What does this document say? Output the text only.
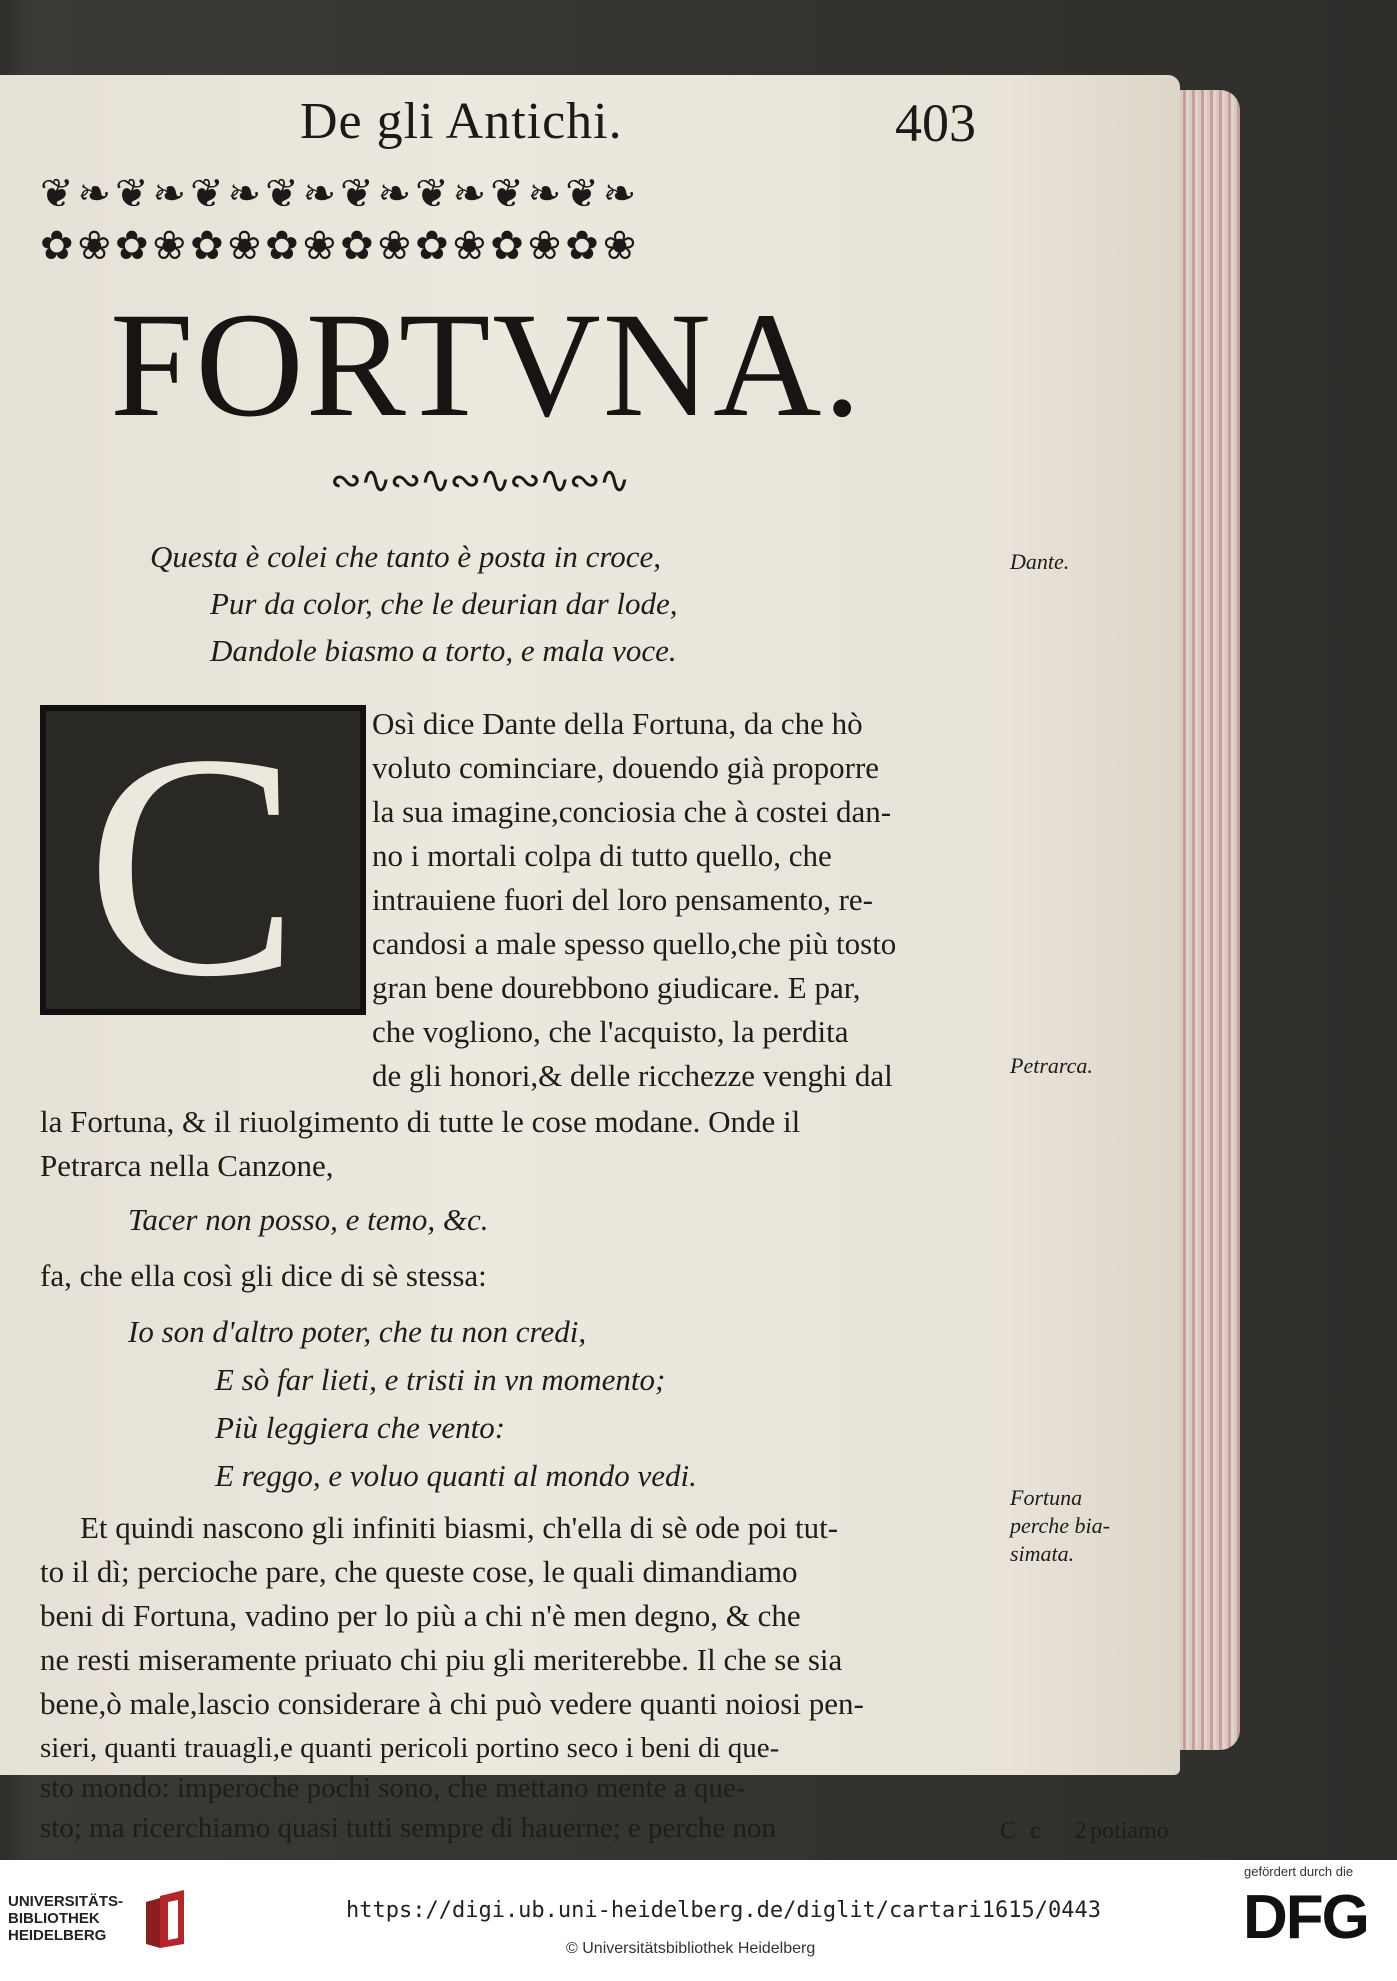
De gli Antichi.	403
❦❧❦❧❦❧❦❧❦❧❦❧❦❧❦❧
✿❀✿❀✿❀✿❀✿❀✿❀✿❀✿❀
FORTVNA.
∾∿∾∿∾∿∾∿∾∿
Questa è colei che tanto è posta in croce,
Pur da color, che le deurian dar lode,
Dandole biasmo a torto, e mala voce.
C Osì dice Dante della Fortuna, da che hò
voluto cominciare, douendo già proporre
la sua imagine,conciosia che à costei dan-
no i mortali colpa di tutto quello, che
intrauiene fuori del loro pensamento, re-
candosi a male spesso quello,che più tosto
gran bene dourebbono giudicare. E par,
che vogliono, che l'acquisto, la perdita
de gli honori,& delle ricchezze venghi dal
la Fortuna, & il riuolgimento di tutte le cose modane. Onde il
Petrarca nella Canzone,
Tacer non posso, e temo, &c.
fa, che ella così gli dice di sè stessa:
Io son d'altro poter, che tu non credi,
E sò far lieti, e tristi in vn momento;
Più leggiera che vento:
E reggo, e voluo quanti al mondo vedi.
Et quindi nascono gli infiniti biasmi, ch'ella di sè ode poi tut-
to il dì; percioche pare, che queste cose, le quali dimandiamo
beni di Fortuna, vadino per lo più a chi n'è men degno, & che
ne resti miseramente priuato chi piu gli meriterebbe. Il che se sia
bene,ò male,lascio considerare à chi può vedere quanti noiosi pen-
Dante.
Petrarca.
Fortuna
perche bia-
simata.
sieri, quanti trauagli,e quanti pericoli portino seco i beni di que-
sto mondo: imperoche pochi sono, che mettano mente a que-
sto; ma ricerchiamo quasi tutti sempre di hauerne; e perche non	Cc 2
potiamo
UNIVERSITÄTS-
BIBLIOTHEK
HEIDELBERG
https://digi.ub.uni-heidelberg.de/diglit/cartari1615/0443
© Universitätsbibliothek Heidelberg
gefördert durch die
DFG
